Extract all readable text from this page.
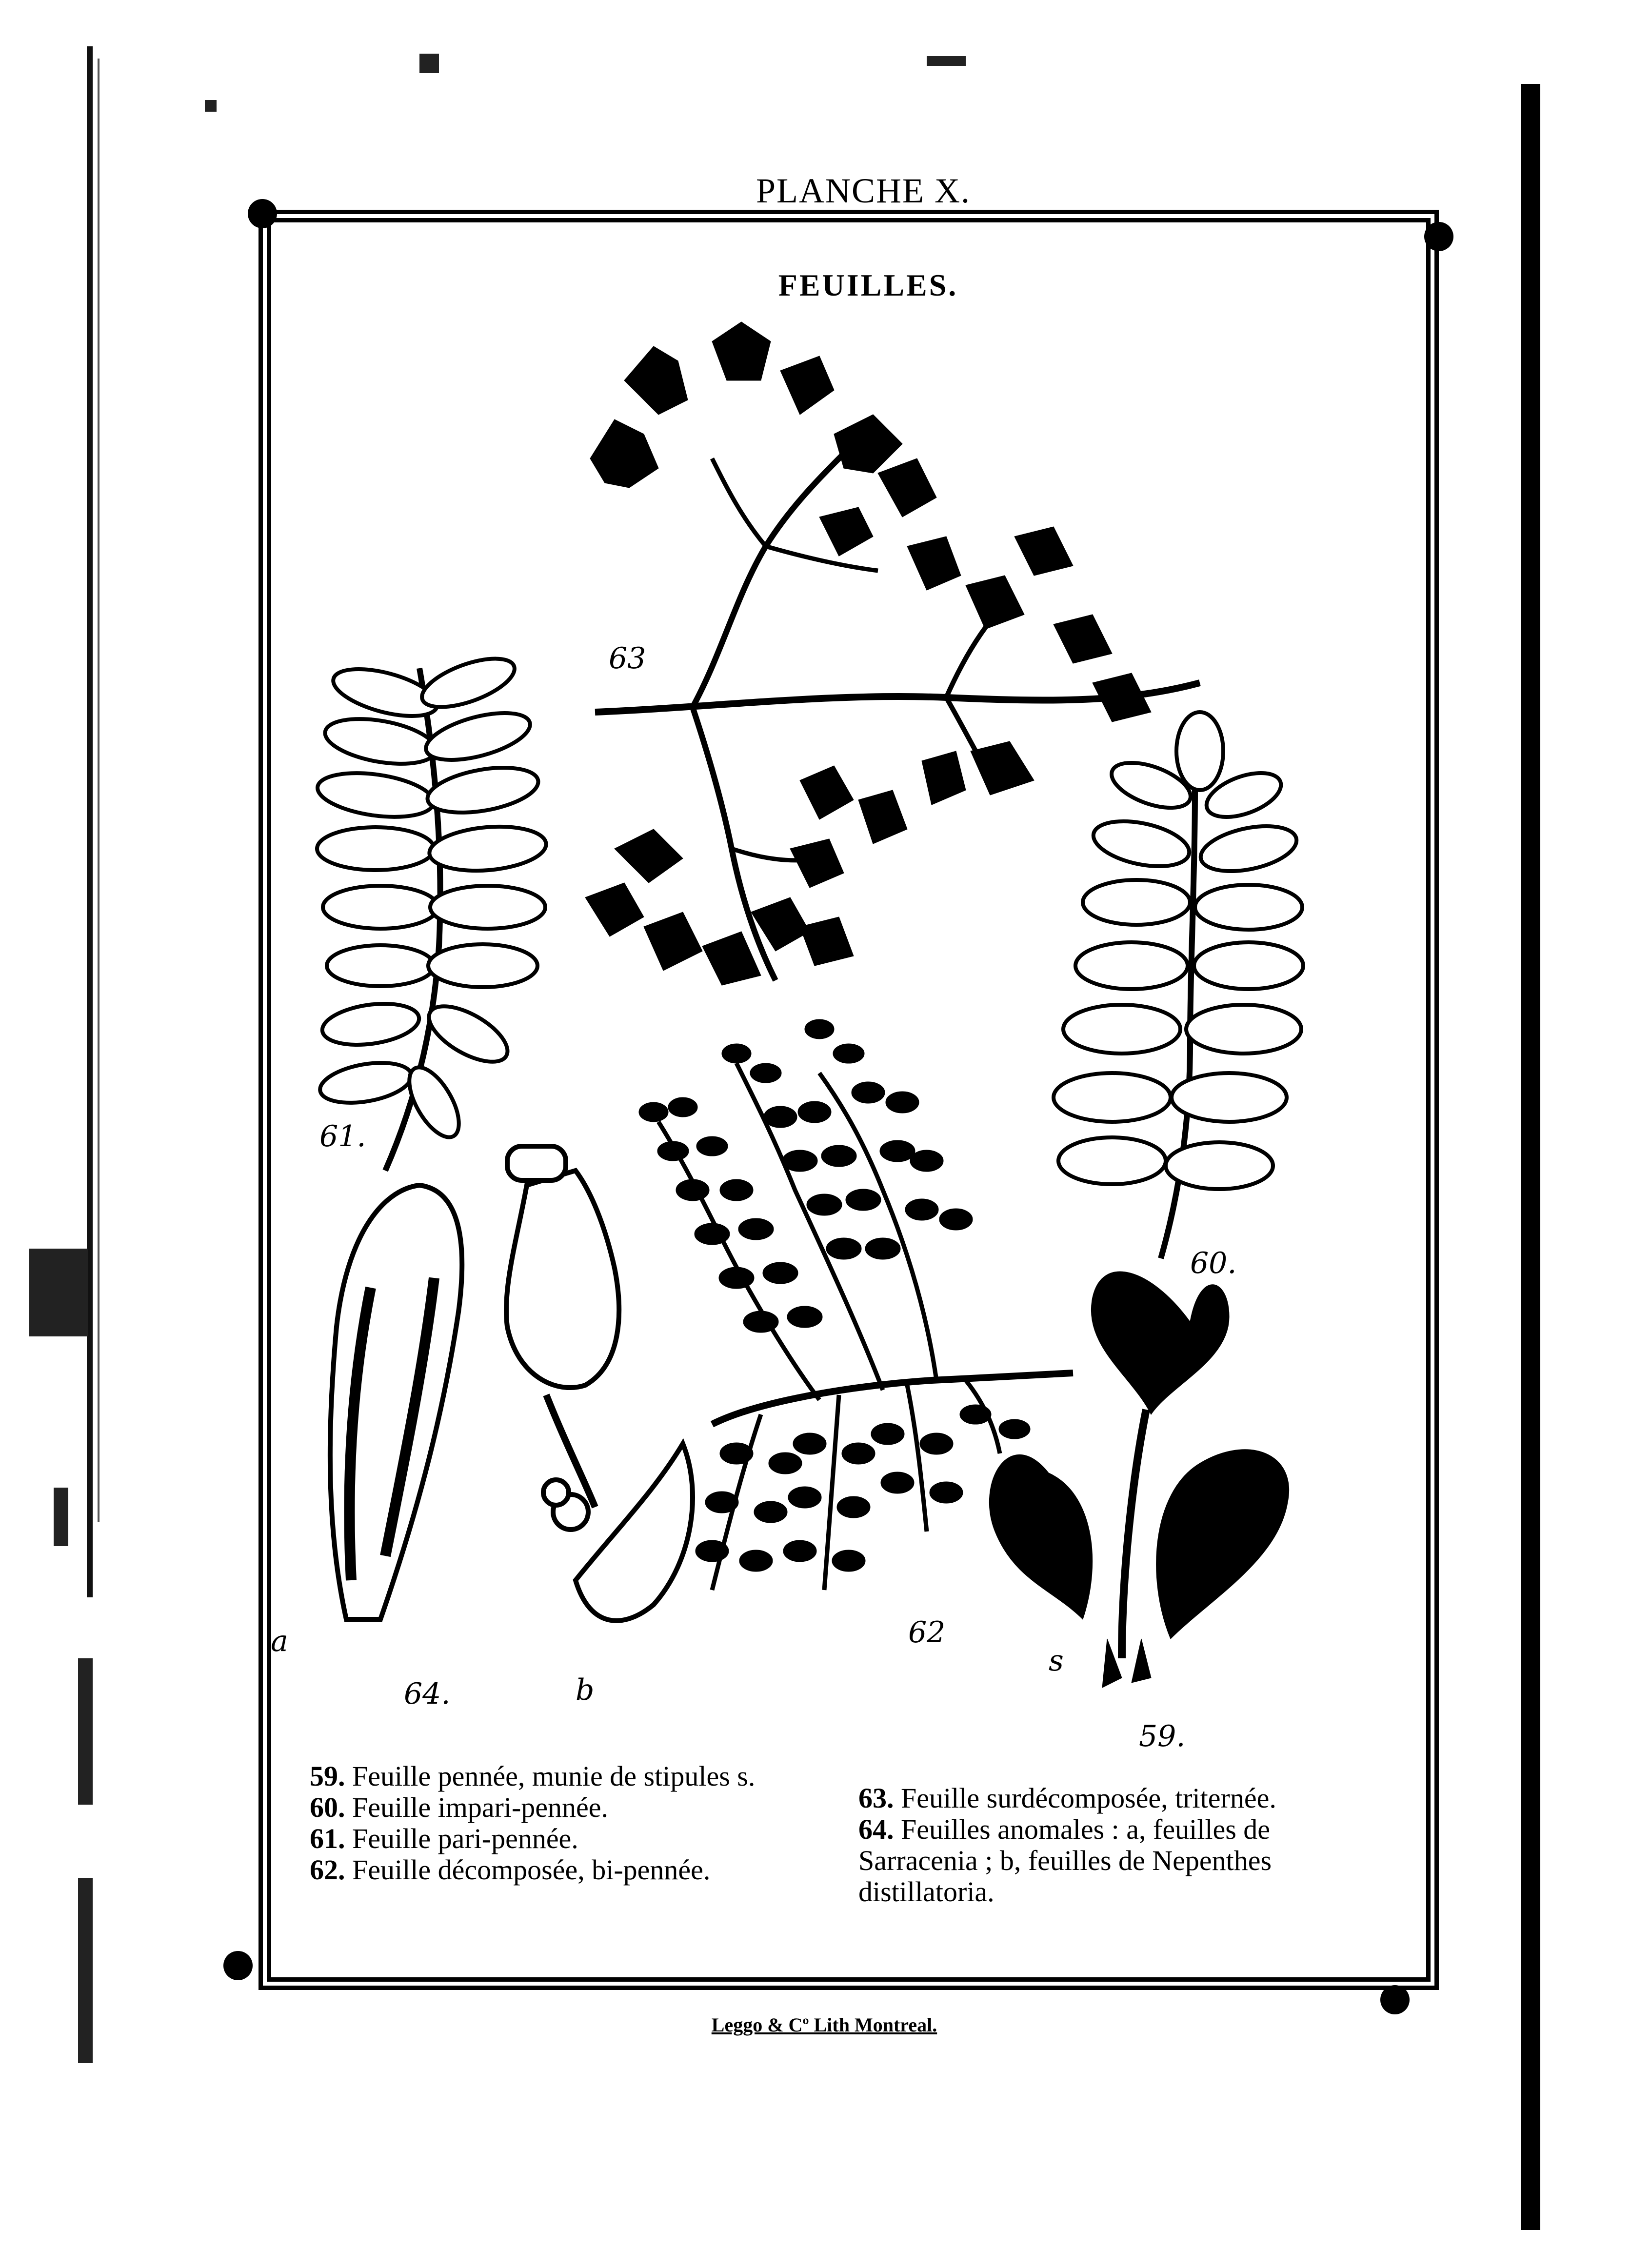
PLANCHE X.
FEUILLES.
63
61.
60.
62
59.
64.
a
b
s

59. Feuille pennée, munie de stipules s.

60. Feuille impari-pennée.

61. Feuille pari-pennée.

62. Feuille décomposée, bi-pennée.

63. Feuille surdécomposée, triternée.

64. Feuilles anomales : a, feuilles de Sarracenia ; b, feuilles de Nepenthes distillatoria.

Leggo & Cº Lith Montreal.
